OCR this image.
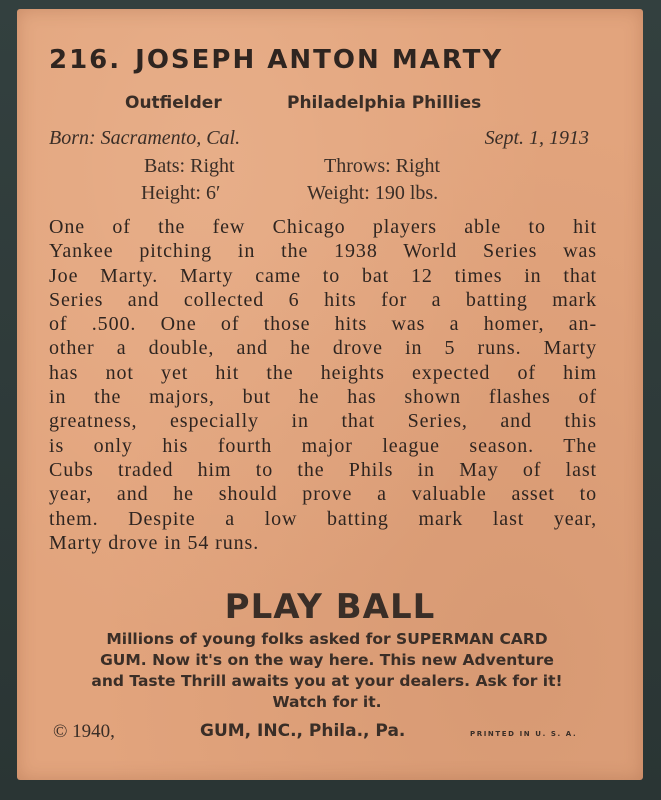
216. JOSEPH ANTON MARTY
Outfielder	Philadelphia Phillies
Born: Sacramento, Cal.	Sept. 1, 1913
Bats: Right	Throws: Right
Height: 6′	Weight: 190 lbs.
One of the few Chicago players able to hit
Yankee pitching in the 1938 World Series was
Joe Marty. Marty came to bat 12 times in that
Series and collected 6 hits for a batting mark
of .500. One of those hits was a homer, an-
other a double, and he drove in 5 runs. Marty
has not yet hit the heights expected of him
in the majors, but he has shown flashes of
greatness, especially in that Series, and this
is only his fourth major league season. The
Cubs traded him to the Phils in May of last
year, and he should prove a valuable asset to
them. Despite a low batting mark last year,
Marty drove in 54 runs.
PLAY BALL
Millions of young folks asked for SUPERMAN CARD
GUM. Now it's on the way here. This new Adventure
and Taste Thrill awaits you at your dealers. Ask for it!
Watch for it.
© 1940,	GUM, INC., Phila., Pa.	PRINTED IN U. S. A.
